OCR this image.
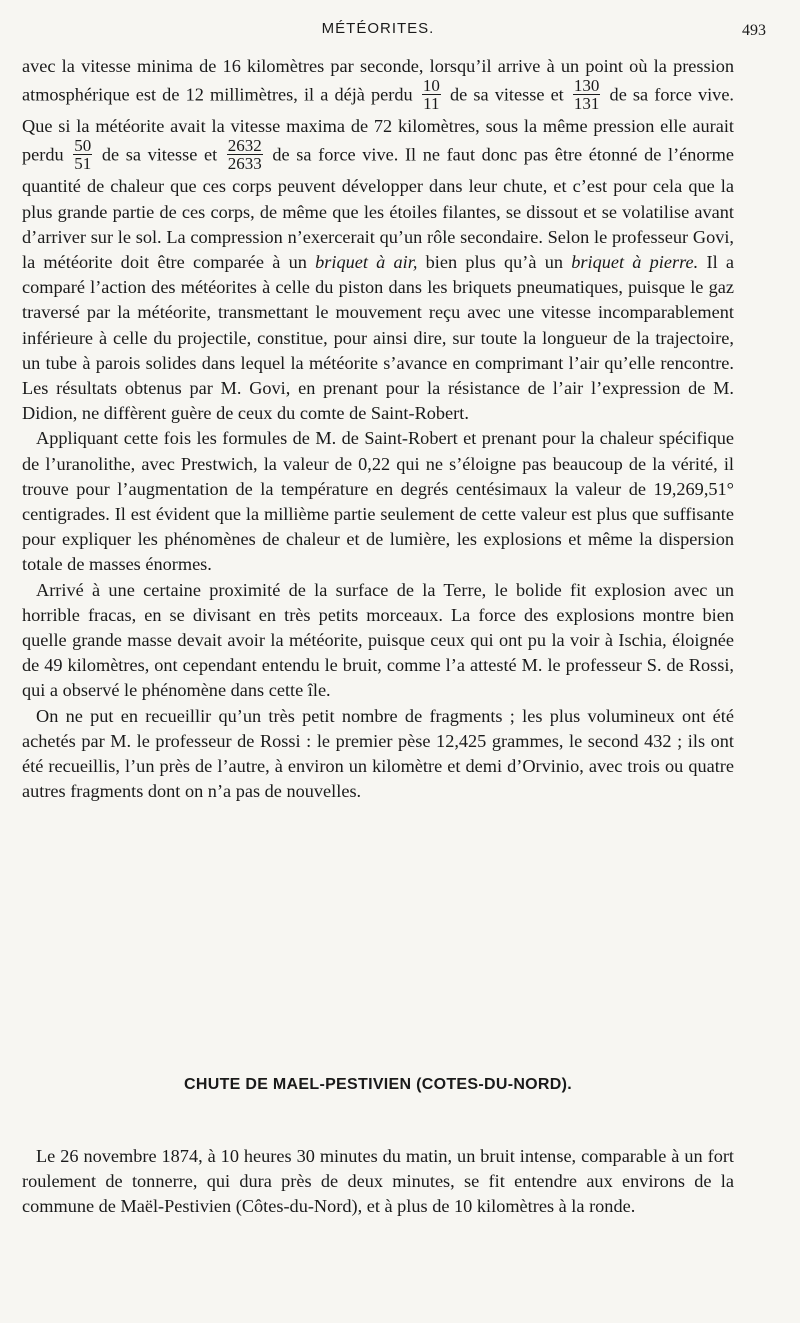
MÉTÉORITES.	493

avec la vitesse minima de 16 kilomètres par seconde, lorsqu’il arrive à un point où la pression atmosphérique est de 12 millimètres, il a déjà perdu $\frac{10}{11}$ de sa vitesse et $\frac{130}{131}$ de sa force vive. Que si la météorite avait la vitesse maxima de 72 kilomètres, sous la même pression elle aurait perdu $\frac{50}{51}$ de sa vitesse et $\frac{2632}{2633}$ de sa force vive. Il ne faut donc pas être étonné de l’énorme quantité de chaleur que ces corps peuvent développer dans leur chute, et c’est pour cela que la plus grande partie de ces corps, de même que les étoiles filantes, se dissout et se volatilise avant d’arriver sur le sol. La compression n’exercerait qu’un rôle secondaire. Selon le professeur Govi, la météorite doit être comparée à un briquet à air, bien plus qu’à un briquet à pierre. Il a comparé l’action des météorites à celle du piston dans les briquets pneumatiques, puisque le gaz traversé par la météorite, transmettant le mouvement reçu avec une vitesse incomparablement inférieure à celle du projectile, constitue, pour ainsi dire, sur toute la longueur de la trajectoire, un tube à parois solides dans lequel la météorite s’avance en comprimant l’air qu’elle rencontre. Les résultats obtenus par M. Govi, en prenant pour la résistance de l’air l’expression de M. Didion, ne diffèrent guère de ceux du comte de Saint-Robert.

Appliquant cette fois les formules de M. de Saint-Robert et prenant pour la chaleur spécifique de l’uranolithe, avec Prestwich, la valeur de 0,22 qui ne s’éloigne pas beaucoup de la vérité, il trouve pour l’augmentation de la température en degrés centésimaux la valeur de 19,269,51° centigrades. Il est évident que la millième partie seulement de cette valeur est plus que suffisante pour expliquer les phénomènes de chaleur et de lumière, les explosions et même la dispersion totale de masses énormes.

Arrivé à une certaine proximité de la surface de la Terre, le bolide fit explosion avec un horrible fracas, en se divisant en très petits morceaux. La force des explosions montre bien quelle grande masse devait avoir la météorite, puisque ceux qui ont pu la voir à Ischia, éloignée de 49 kilomètres, ont cependant entendu le bruit, comme l’a attesté M. le professeur S. de Rossi, qui a observé le phénomène dans cette île.

On ne put en recueillir qu’un très petit nombre de fragments ; les plus volumineux ont été achetés par M. le professeur de Rossi : le premier pèse 12,425 grammes, le second 432 ; ils ont été recueillis, l’un près de l’autre, à environ un kilomètre et demi d’Orvinio, avec trois ou quatre autres fragments dont on n’a pas de nouvelles.

CHUTE DE MAEL-PESTIVIEN (COTES-DU-NORD).

Le 26 novembre 1874, à 10 heures 30 minutes du matin, un bruit intense, comparable à un fort roulement de tonnerre, qui dura près de deux minutes, se fit entendre aux environs de la commune de Maël-Pestivien (Côtes-du-Nord), et à plus de 10 kilomètres à la ronde.
